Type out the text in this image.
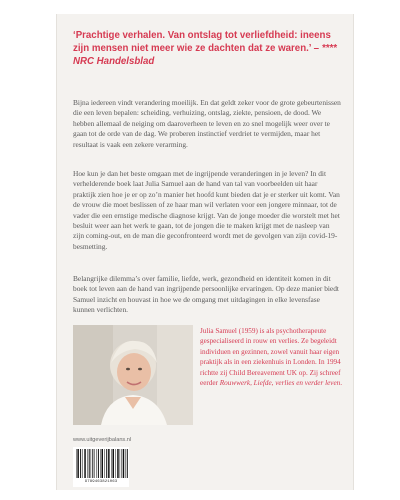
‘Prachtige verhalen. Van ontslag tot verliefdheid: ineens zijn mensen niet meer wie ze dachten dat ze waren.’ – **** NRC Handelsblad

Bijna iedereen vindt verandering moeilijk. En dat geldt zeker voor de grote gebeurtenissen die een leven bepalen: scheiding, verhuizing, ontslag, ziekte, pensioen, de dood. We hebben allemaal de neiging om daaroverheen te leven en zo snel mogelijk weer over te gaan tot de orde van de dag. We proberen instinctief verdriet te vermijden, maar het resultaat is vaak een zekere verarming.

Hoe kun je dan het beste omgaan met de ingrijpende veranderingen in je leven? In dit verhelderende boek laat Julia Samuel aan de hand van tal van voorbeelden uit haar praktijk zien hoe je er op zo’n manier het hoofd kunt bieden dat je er sterker uit komt. Van de vrouw die moet beslissen of ze haar man wil verlaten voor een jongere minnaar, tot de vader die een ernstige medische diagnose krijgt. Van de jonge moeder die worstelt met het besluit weer aan het werk te gaan, tot de jongen die te maken krijgt met de nasleep van zijn coming-out, en de man die geconfronteerd wordt met de gevolgen van zijn covid-19-besmetting.

Belangrijke dilemma’s over familie, liefde, werk, gezondheid en identiteit komen in dit boek tot leven aan de hand van ingrijpende persoonlijke ervaringen. Op deze manier biedt Samuel inzicht en houvast in hoe we de omgang met uitdagingen in elke levensfase kunnen verlichten.

Julia Samuel (1959) is als psychotherapeute gespecialiseerd in rouw en verlies. Ze begeleidt individuen en gezinnen, zowel vanuit haar eigen praktijk als in een ziekenhuis in Londen. In 1994 richtte zij Child Bereavement UK op. Zij schreef eerder Rouwwerk, Liefde, verlies en verder leven.

www.uitgeverijbalans.nl

9789463821063
